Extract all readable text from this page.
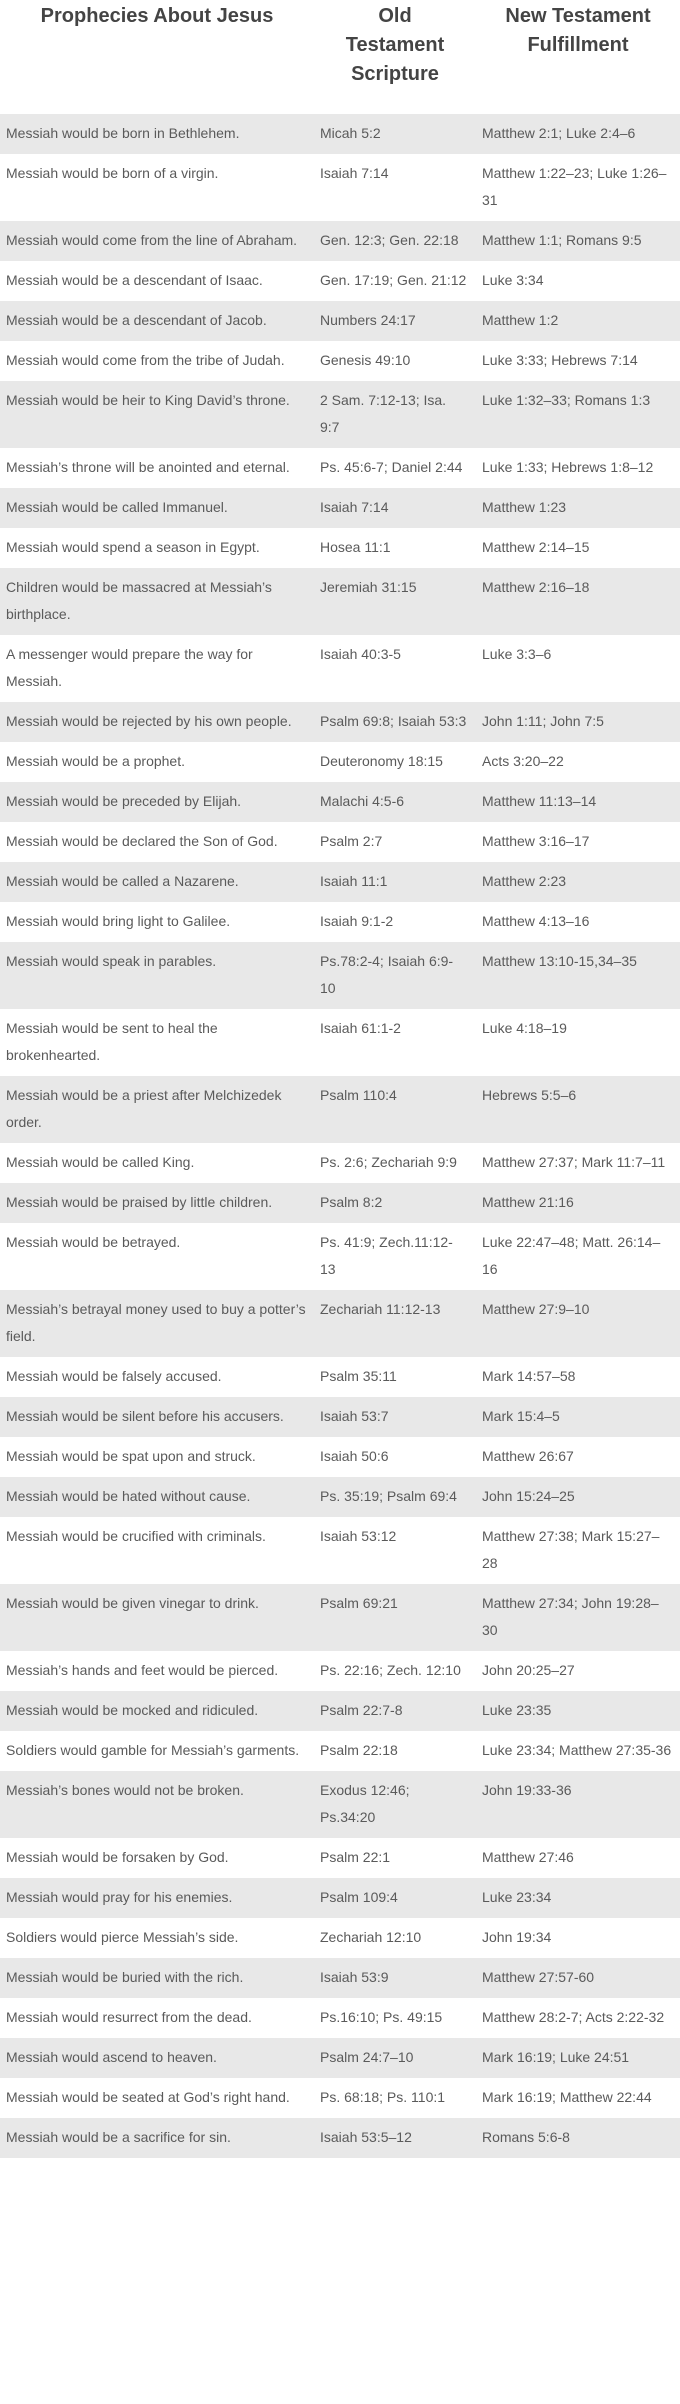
Prophecies About Jesus	Old Testament Scripture	New Testament Fulfillment
Messiah would be born in Bethlehem.	Micah 5:2	Matthew 2:1; Luke 2:4–6
Messiah would be born of a virgin.	Isaiah 7:14	Matthew 1:22–23; Luke 1:26–31
Messiah would come from the line of Abraham.	Gen. 12:3; Gen. 22:18	Matthew 1:1; Romans 9:5
Messiah would be a descendant of Isaac.	Gen. 17:19; Gen. 21:12	Luke 3:34
Messiah would be a descendant of Jacob.	Numbers 24:17	Matthew 1:2
Messiah would come from the tribe of Judah.	Genesis 49:10	Luke 3:33; Hebrews 7:14
Messiah would be heir to King David’s throne.	2 Sam. 7:12-13; Isa. 9:7	Luke 1:32–33; Romans 1:3
Messiah’s throne will be anointed and eternal.	Ps. 45:6-7; Daniel 2:44	Luke 1:33; Hebrews 1:8–12
Messiah would be called Immanuel.	Isaiah 7:14	Matthew 1:23
Messiah would spend a season in Egypt.	Hosea 11:1	Matthew 2:14–15
Children would be massacred at Messiah’s birthplace.	Jeremiah 31:15	Matthew 2:16–18
A messenger would prepare the way for Messiah.	Isaiah 40:3-5	Luke 3:3–6
Messiah would be rejected by his own people.	Psalm 69:8; Isaiah 53:3	John 1:11; John 7:5
Messiah would be a prophet.	Deuteronomy 18:15	Acts 3:20–22
Messiah would be preceded by Elijah.	Malachi 4:5-6	Matthew 11:13–14
Messiah would be declared the Son of God.	Psalm 2:7	Matthew 3:16–17
Messiah would be called a Nazarene.	Isaiah 11:1	Matthew 2:23
Messiah would bring light to Galilee.	Isaiah 9:1-2	Matthew 4:13–16
Messiah would speak in parables.	Ps.78:2-4; Isaiah 6:9-10	Matthew 13:10-15,34–35
Messiah would be sent to heal the brokenhearted.	Isaiah 61:1-2	Luke 4:18–19
Messiah would be a priest after Melchizedek order.	Psalm 110:4	Hebrews 5:5–6
Messiah would be called King.	Ps. 2:6; Zechariah 9:9	Matthew 27:37; Mark 11:7–11
Messiah would be praised by little children.	Psalm 8:2	Matthew 21:16
Messiah would be betrayed.	Ps. 41:9; Zech.11:12-13	Luke 22:47–48; Matt. 26:14–16
Messiah’s betrayal money used to buy a potter’s field.	Zechariah 11:12-13	Matthew 27:9–10
Messiah would be falsely accused.	Psalm 35:11	Mark 14:57–58
Messiah would be silent before his accusers.	Isaiah 53:7	Mark 15:4–5
Messiah would be spat upon and struck.	Isaiah 50:6	Matthew 26:67
Messiah would be hated without cause.	Ps. 35:19; Psalm 69:4	John 15:24–25
Messiah would be crucified with criminals.	Isaiah 53:12	Matthew 27:38; Mark 15:27–28
Messiah would be given vinegar to drink.	Psalm 69:21	Matthew 27:34; John 19:28–30
Messiah’s hands and feet would be pierced.	Ps. 22:16; Zech. 12:10	John 20:25–27
Messiah would be mocked and ridiculed.	Psalm 22:7-8	Luke 23:35
Soldiers would gamble for Messiah’s garments.	Psalm 22:18	Luke 23:34; Matthew 27:35-36
Messiah’s bones would not be broken.	Exodus 12:46; Ps.34:20	John 19:33-36
Messiah would be forsaken by God.	Psalm 22:1	Matthew 27:46
Messiah would pray for his enemies.	Psalm 109:4	Luke 23:34
Soldiers would pierce Messiah’s side.	Zechariah 12:10	John 19:34
Messiah would be buried with the rich.	Isaiah 53:9	Matthew 27:57-60
Messiah would resurrect from the dead.	Ps.16:10; Ps. 49:15	Matthew 28:2-7; Acts 2:22-32
Messiah would ascend to heaven.	Psalm 24:7–10	Mark 16:19; Luke 24:51
Messiah would be seated at God’s right hand.	Ps. 68:18; Ps. 110:1	Mark 16:19; Matthew 22:44
Messiah would be a sacrifice for sin.	Isaiah 53:5–12	Romans 5:6-8
